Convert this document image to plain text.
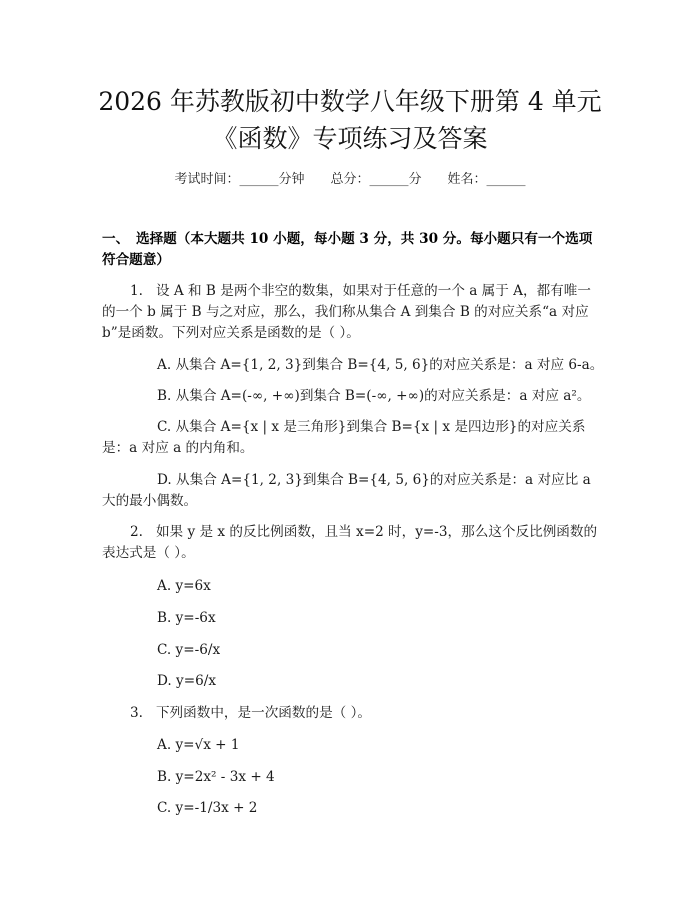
2026 年苏教版初中数学八年级下册第 4 单元
《函数》专项练习及答案
考试时间：______分钟 总分：______分 姓名：______
一、　选择题（本大题共 10 小题，每小题 3 分，共 30 分。每小题只有一个选项符合题意）
1. 设 A 和 B 是两个非空的数集，如果对于任意的一个 a 属于 A，都有唯一的一个 b 属于 B 与之对应，那么，我们称从集合 A 到集合 B 的对应关系“a 对应 b”是函数。下列对应关系是函数的是（ ）。
A. 从集合 A={1, 2, 3}到集合 B={4, 5, 6}的对应关系是：a 对应 6-a。
B. 从集合 A=(-∞, +∞)到集合 B=(-∞, +∞)的对应关系是：a 对应 a²。
C. 从集合 A={x | x 是三角形}到集合 B={x | x 是四边形}的对应关系是：a 对应 a 的内角和。
D. 从集合 A={1, 2, 3}到集合 B={4, 5, 6}的对应关系是：a 对应比 a 大的最小偶数。
2. 如果 y 是 x 的反比例函数，且当 x=2 时，y=-3，那么这个反比例函数的表达式是（ ）。
A. y=6x
B. y=-6x
C. y=-6/x
D. y=6/x
3. 下列函数中，是一次函数的是（ ）。
A. y=√x + 1
B. y=2x² - 3x + 4
C. y=-1/3x + 2
